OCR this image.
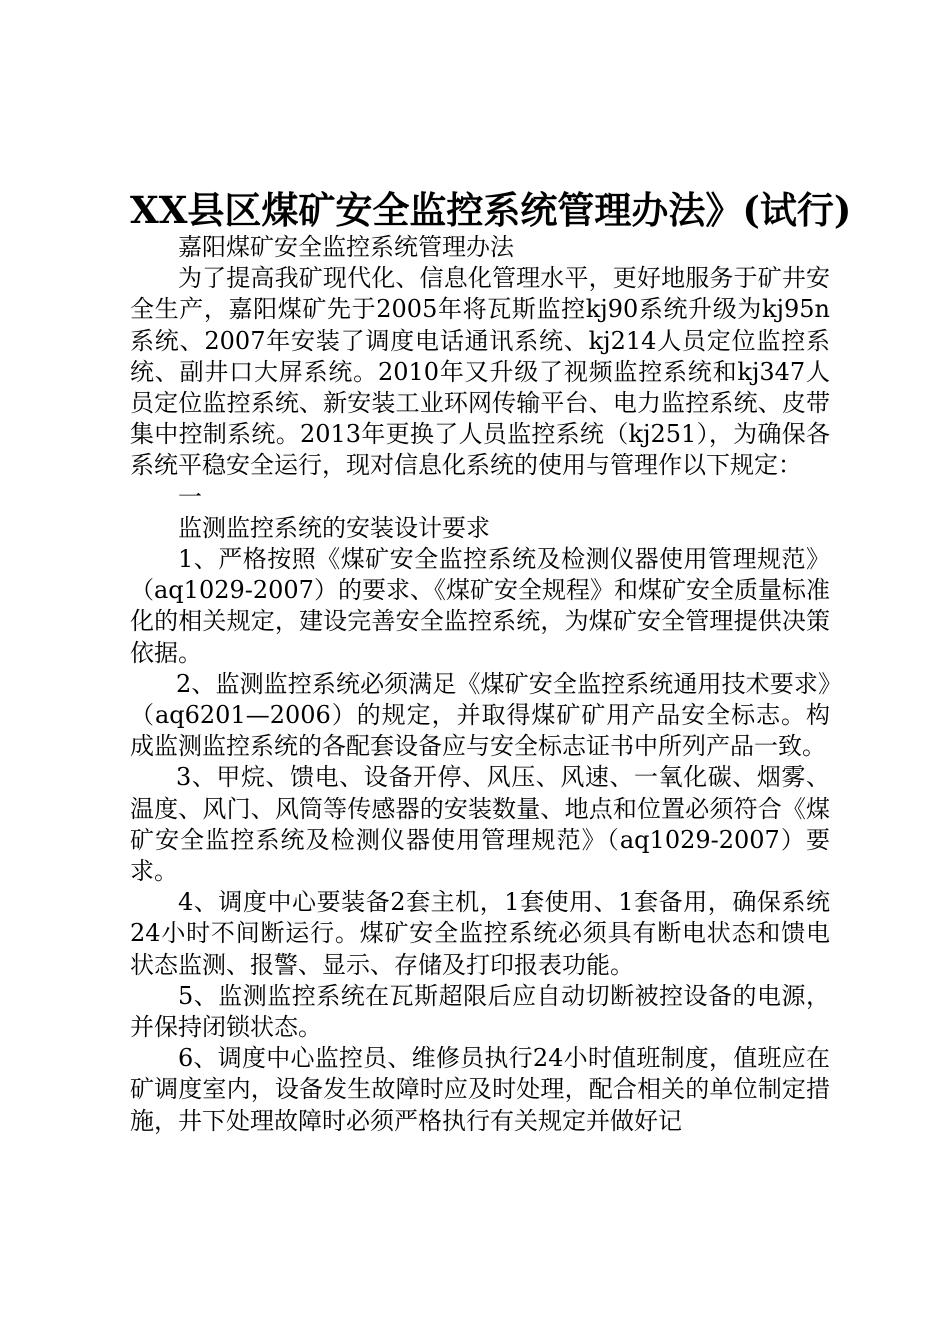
XX县区煤矿安全监控系统管理办法》(试行)

嘉阳煤矿安全监控系统管理办法

为了提高我矿现代化、信息化管理水平，更好地服务于矿井安全生产，嘉阳煤矿先于2005年将瓦斯监控kj90系统升级为kj95n系统、2007年安装了调度电话通讯系统、kj214人员定位监控系统、副井口大屏系统。2010年又升级了视频监控系统和kj347人员定位监控系统、新安装工业环网传输平台、电力监控系统、皮带集中控制系统。2013年更换了人员监控系统（kj251），为确保各系统平稳安全运行，现对信息化系统的使用与管理作以下规定：

一

监测监控系统的安装设计要求

1、严格按照《煤矿安全监控系统及检测仪器使用管理规范》（aq1029-2007）的要求、《煤矿安全规程》和煤矿安全质量标准化的相关规定，建设完善安全监控系统，为煤矿安全管理提供决策依据。

2、监测监控系统必须满足《煤矿安全监控系统通用技术要求》（aq6201—2006）的规定，并取得煤矿矿用产品安全标志。构成监测监控系统的各配套设备应与安全标志证书中所列产品一致。

3、甲烷、馈电、设备开停、风压、风速、一氧化碳、烟雾、温度、风门、风筒等传感器的安装数量、地点和位置必须符合《煤矿安全监控系统及检测仪器使用管理规范》（aq1029-2007）要求。

4、调度中心要装备2套主机，1套使用、1套备用，确保系统24小时不间断运行。煤矿安全监控系统必须具有断电状态和馈电状态监测、报警、显示、存储及打印报表功能。

5、监测监控系统在瓦斯超限后应自动切断被控设备的电源，并保持闭锁状态。

6、调度中心监控员、维修员执行24小时值班制度，值班应在矿调度室内，设备发生故障时应及时处理，配合相关的单位制定措施，井下处理故障时必须严格执行有关规定并做好记
